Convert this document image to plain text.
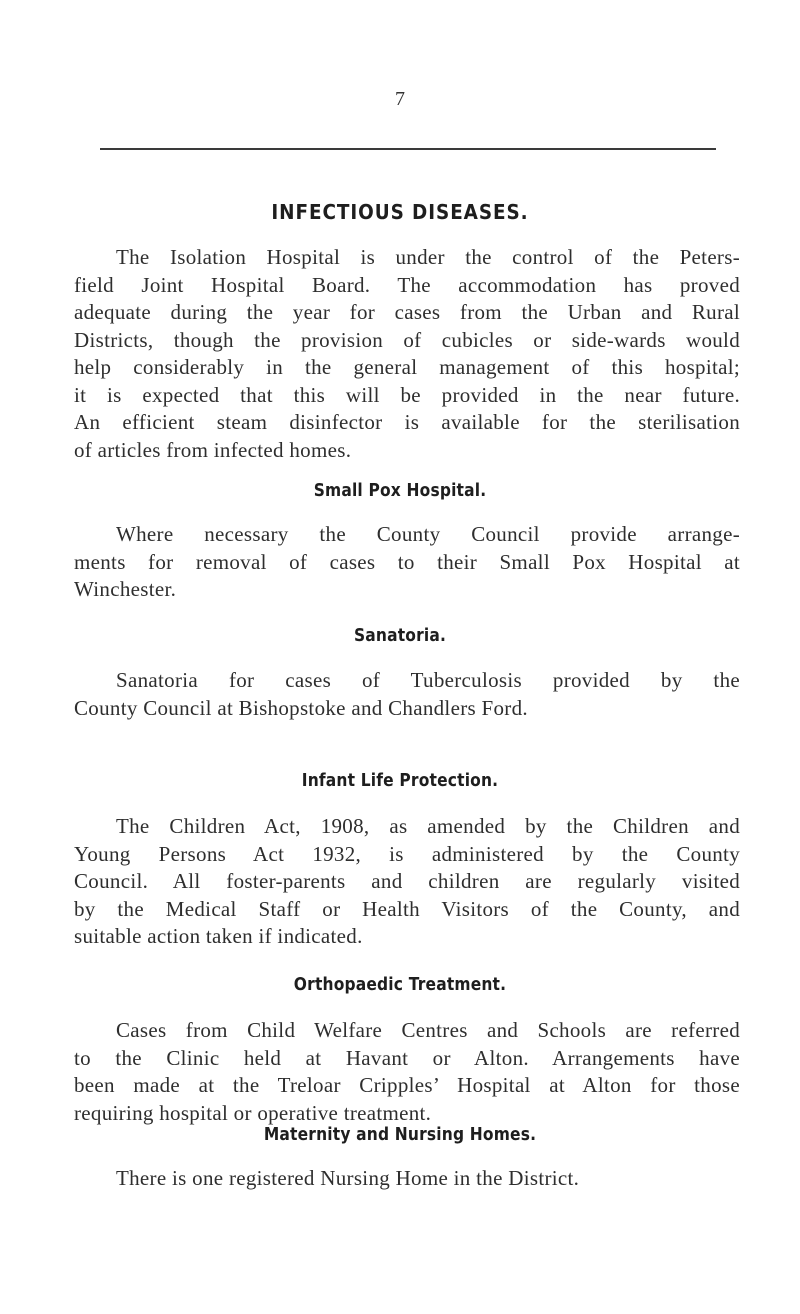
7
INFECTIOUS DISEASES.

The Isolation Hospital is under the control of the Peters-
field Joint Hospital Board. The accommodation has proved
adequate during the year for cases from the Urban and Rural
Districts, though the provision of cubicles or side-wards would
help considerably in the general management of this hospital;
it is expected that this will be provided in the near future.
An efficient steam disinfector is available for the sterilisation
of articles from infected homes.

Small Pox Hospital.

Where necessary the County Council provide arrange-
ments for removal of cases to their Small Pox Hospital at
Winchester.

Sanatoria.

Sanatoria for cases of Tuberculosis provided by the
County Council at Bishopstoke and Chandlers Ford.

Infant Life Protection.

The Children Act, 1908, as amended by the Children and
Young Persons Act 1932, is administered by the County
Council. All foster-parents and children are regularly visited
by the Medical Staff or Health Visitors of the County, and
suitable action taken if indicated.

Orthopaedic Treatment.

Cases from Child Welfare Centres and Schools are referred
to the Clinic held at Havant or Alton. Arrangements have
been made at the Treloar Cripples’ Hospital at Alton for those
requiring hospital or operative treatment.

Maternity and Nursing Homes.

There is one registered Nursing Home in the District.
